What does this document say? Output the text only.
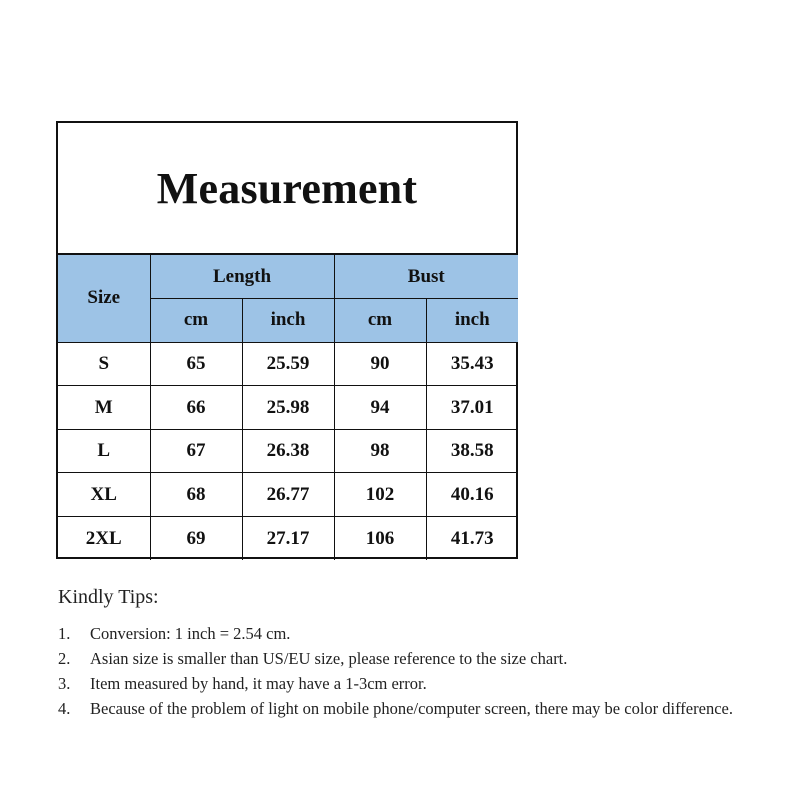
Measurement
Size	Length		Bust	
	cm	inch	cm	inch
S	65	25.59	90	35.43
M	66	25.98	94	37.01
L	67	26.38	98	38.58
XL	68	26.77	102	40.16
2XL	69	27.17	106	41.73
Kindly Tips:
1.	Conversion: 1 inch = 2.54 cm.
2.	Asian size is smaller than US/EU size, please reference to the size chart.
3.	Item measured by hand, it may have a 1-3cm error.
4.	Because of the problem of light on mobile phone/computer screen, there may be color difference.
